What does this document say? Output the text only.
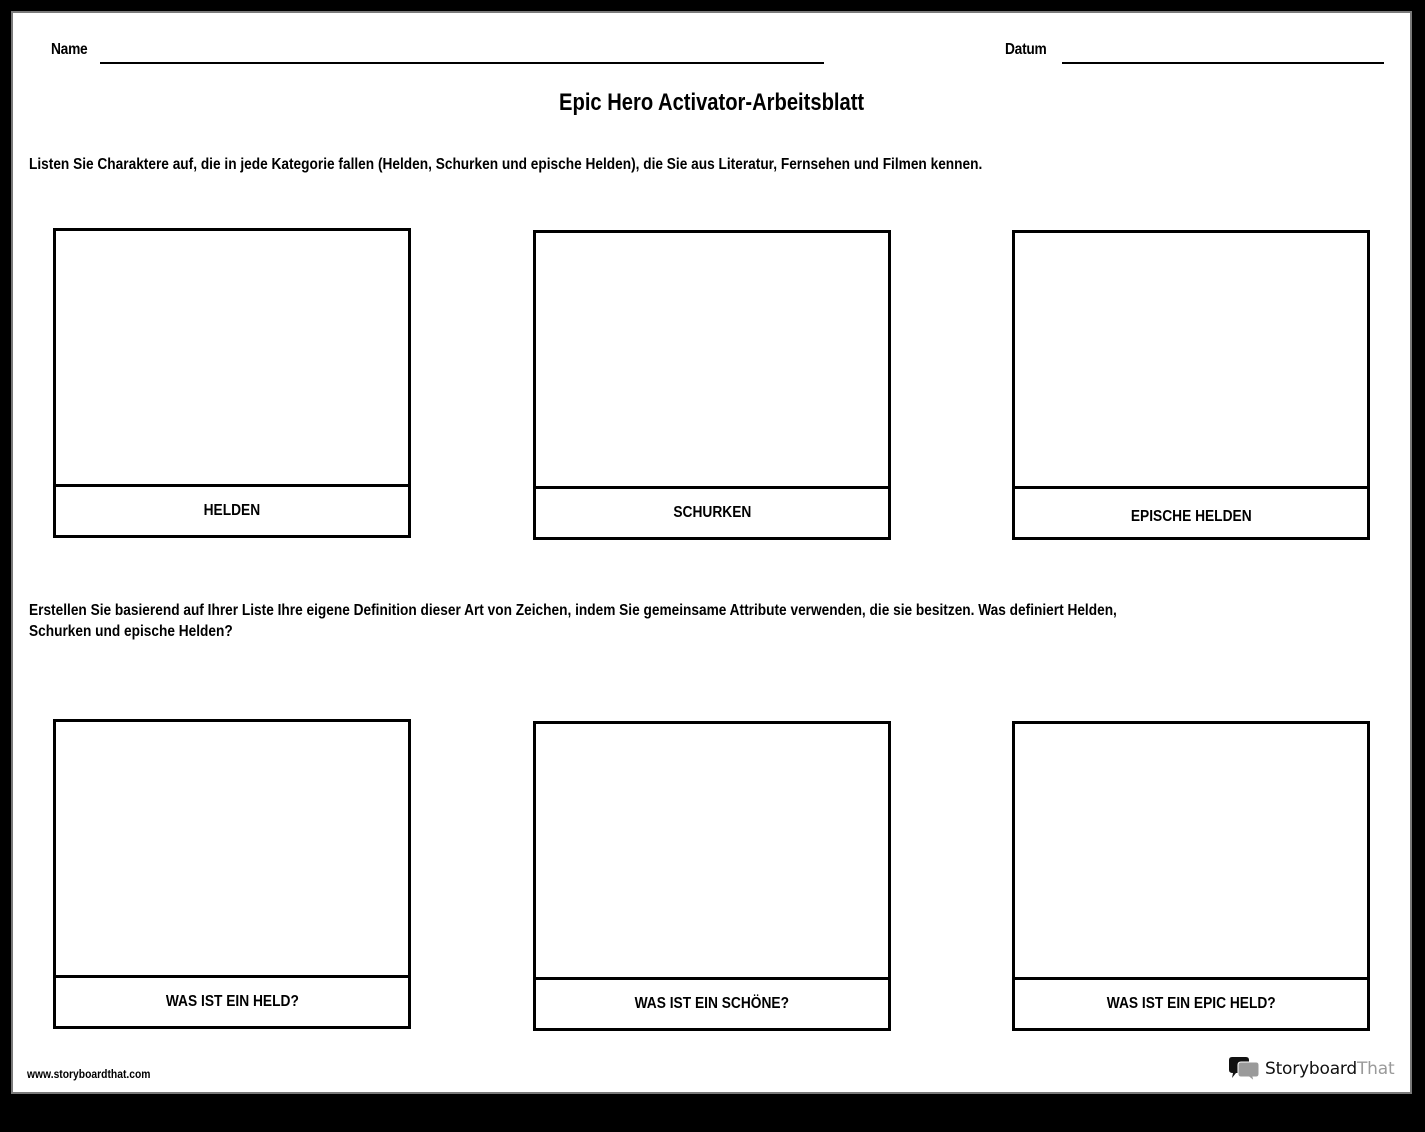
Name	Datum
Epic Hero Activator-Arbeitsblatt
Listen Sie Charaktere auf, die in jede Kategorie fallen (Helden, Schurken und epische Helden), die Sie aus Literatur, Fernsehen und Filmen kennen.
HELDEN	SCHURKEN	EPISCHE HELDEN
Erstellen Sie basierend auf Ihrer Liste Ihre eigene Definition dieser Art von Zeichen, indem Sie gemeinsame Attribute verwenden, die sie besitzen. Was definiert Helden,
Schurken und epische Helden?
WAS IST EIN HELD?	WAS IST EIN SCHÖNE?	WAS IST EIN EPIC HELD?
www.storyboardthat.com	StoryboardThat
